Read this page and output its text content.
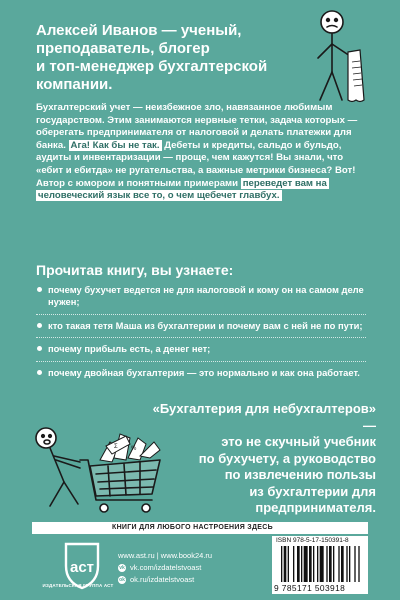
Алексей Иванов — ученый,
преподаватель, блогер
и топ-менеджер бухгалтерской
компании.

Бухгалтерский учет — неизбежное зло, навязанное любимым государством. Этим занимаются нервные тетки, задача которых — оберегать предпринимателя от налоговой и делать платежки для банка. Ага! Как бы не так. Дебеты и кредиты, сальдо и бульдо, аудиты и инвентаризации — проще, чем кажутся! Вы знали, что «ебит и ебитда» не ругательства, а важные метрики бизнеса? Вот! Автор с юмором и понятными примерами переведет вам на человеческий язык все то, о чем щебечет главбух.

Прочитав книгу, вы узнаете:
почему бухучет ведется не для налоговой и кому он на самом деле нужен;
кто такая тетя Маша из бухгалтерии и почему вам с ней не по пути;
почему прибыль есть, а денег нет;
почему двойная бухгалтерия — это нормально и как она работает.
Σ %
«Бухгалтерия для небухгалтеров» —
это не скучный учебник
по бухучету, а руководство
по извлечению пользы
из бухгалтерии для
предпринимателя.
КНИГИ ДЛЯ ЛЮБОГО НАСТРОЕНИЯ ЗДЕСЬ
аст
ИЗДАТЕЛЬСКАЯ ГРУППА АСТ
www.ast.ru | www.book24.ru
vk vk.com/izdatelstvoast
ok ok.ru/izdatelstvoast
ISBN 978-5-17-150391-8
9 785171 503918
